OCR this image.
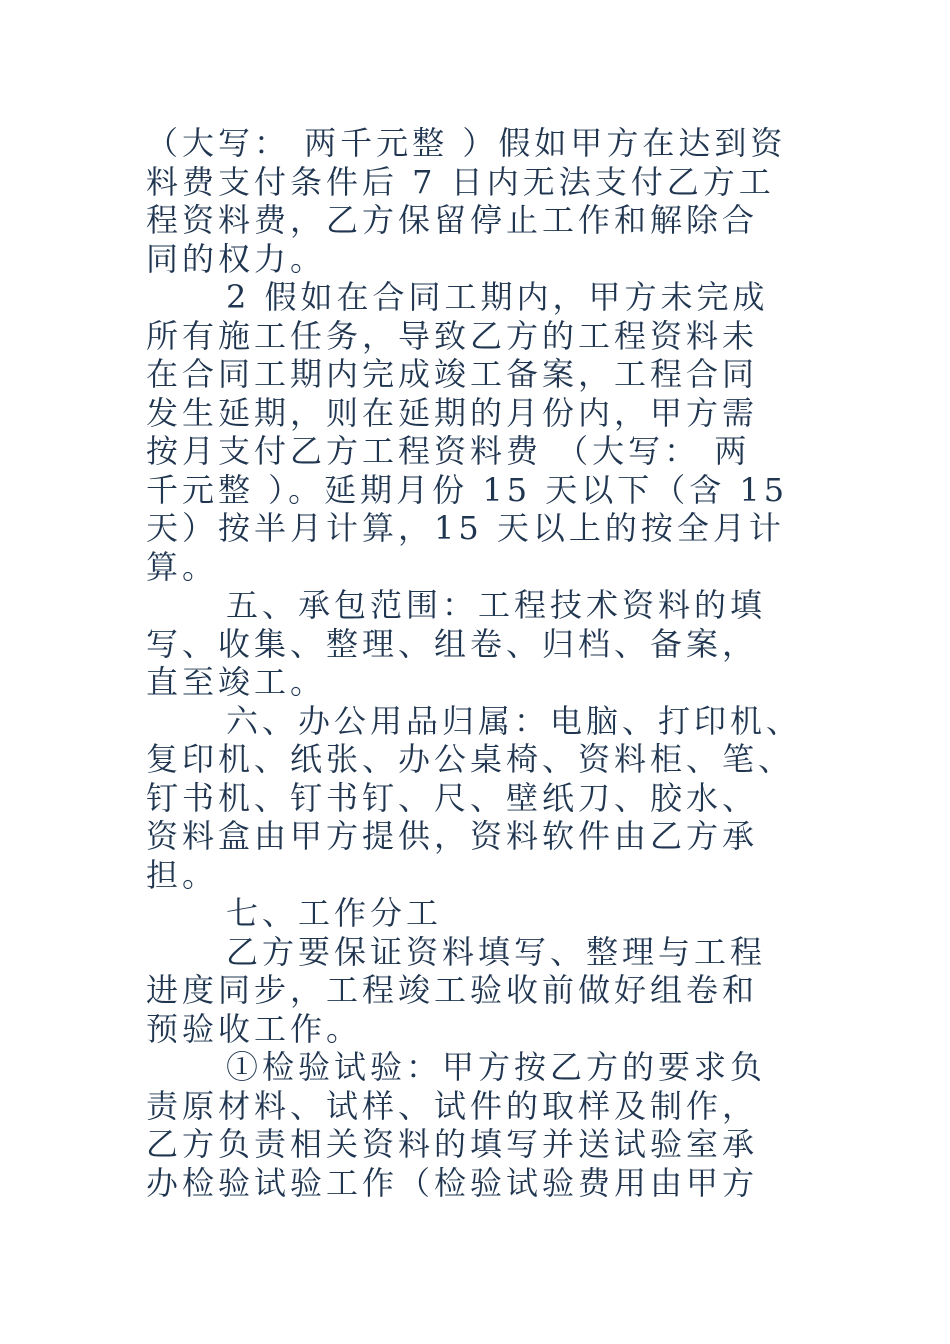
（大写： 两千元整 ）假如甲方在达到资
料费支付条件后 7 日内无法支付乙方工
程资料费，乙方保留停止工作和解除合
同的权力。
2 假如在合同工期内，甲方未完成
所有施工任务，导致乙方的工程资料未
在合同工期内完成竣工备案，工程合同
发生延期，则在延期的月份内，甲方需
按月支付乙方工程资料费 （大写： 两
千元整 ）。延期月份 15 天以下（含 15
天）按半月计算，15 天以上的按全月计
算。
五、承包范围：工程技术资料的填
写、收集、整理、组卷、归档、备案，
直至竣工。
六、办公用品归属：电脑、打印机、
复印机、纸张、办公桌椅、资料柜、笔、
钉书机、钉书钉、尺、壁纸刀、胶水、
资料盒由甲方提供，资料软件由乙方承
担。
七、工作分工
乙方要保证资料填写、整理与工程
进度同步，工程竣工验收前做好组卷和
预验收工作。
①检验试验：甲方按乙方的要求负
责原材料、试样、试件的取样及制作，
乙方负责相关资料的填写并送试验室承
办检验试验工作（检验试验费用由甲方
